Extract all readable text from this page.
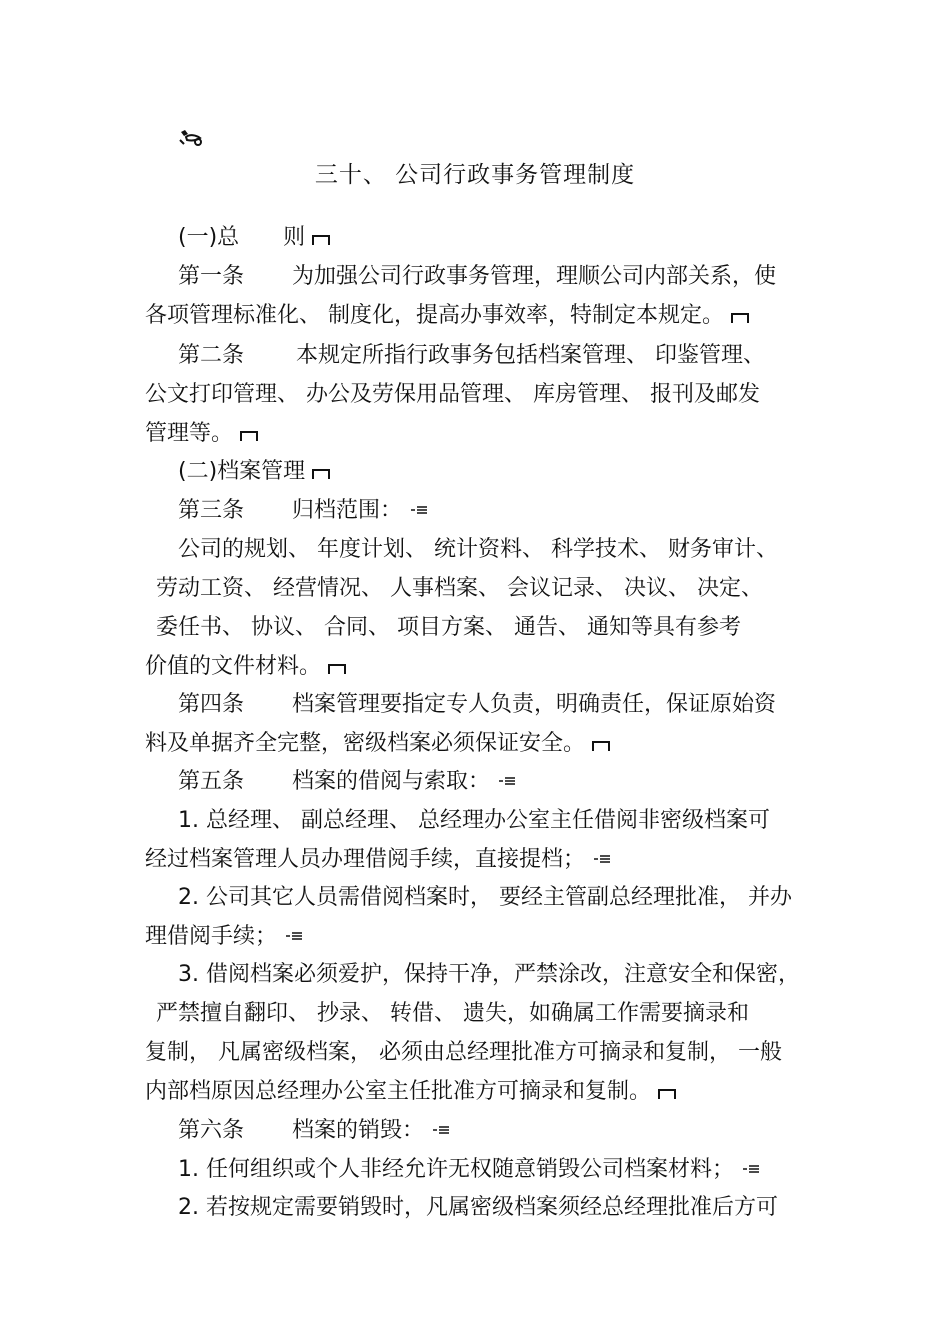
三十、 公司行政事务管理制度
(一)总 则
第一条 为加强公司行政事务管理，理顺公司内部关系，使
各项管理标准化、 制度化，提高办事效率，特制定本规定。
第二条 本规定所指行政事务包括档案管理、 印鉴管理、
公文打印管理、 办公及劳保用品管理、 库房管理、 报刊及邮发
管理等。
(二)档案管理
第三条 归档范围：
公司的规划、 年度计划、 统计资料、 科学技术、 财务审计、
劳动工资、 经营情况、 人事档案、 会议记录、 决议、 决定、
委任书、 协议、 合同、 项目方案、 通告、 通知等具有参考
价值的文件材料。
第四条 档案管理要指定专人负责，明确责任，保证原始资
料及单据齐全完整，密级档案必须保证安全。
第五条 档案的借阅与索取：
1. 总经理、 副总经理、 总经理办公室主任借阅非密级档案可
经过档案管理人员办理借阅手续，直接提档；
2. 公司其它人员需借阅档案时， 要经主管副总经理批准， 并办
理借阅手续；
3. 借阅档案必须爱护，保持干净，严禁涂改，注意安全和保密，
严禁擅自翻印、 抄录、 转借、 遗失，如确属工作需要摘录和
复制， 凡属密级档案， 必须由总经理批准方可摘录和复制， 一般
内部档原因总经理办公室主任批准方可摘录和复制。
第六条 档案的销毁：
1. 任何组织或个人非经允许无权随意销毁公司档案材料；
2. 若按规定需要销毁时，凡属密级档案须经总经理批准后方可
